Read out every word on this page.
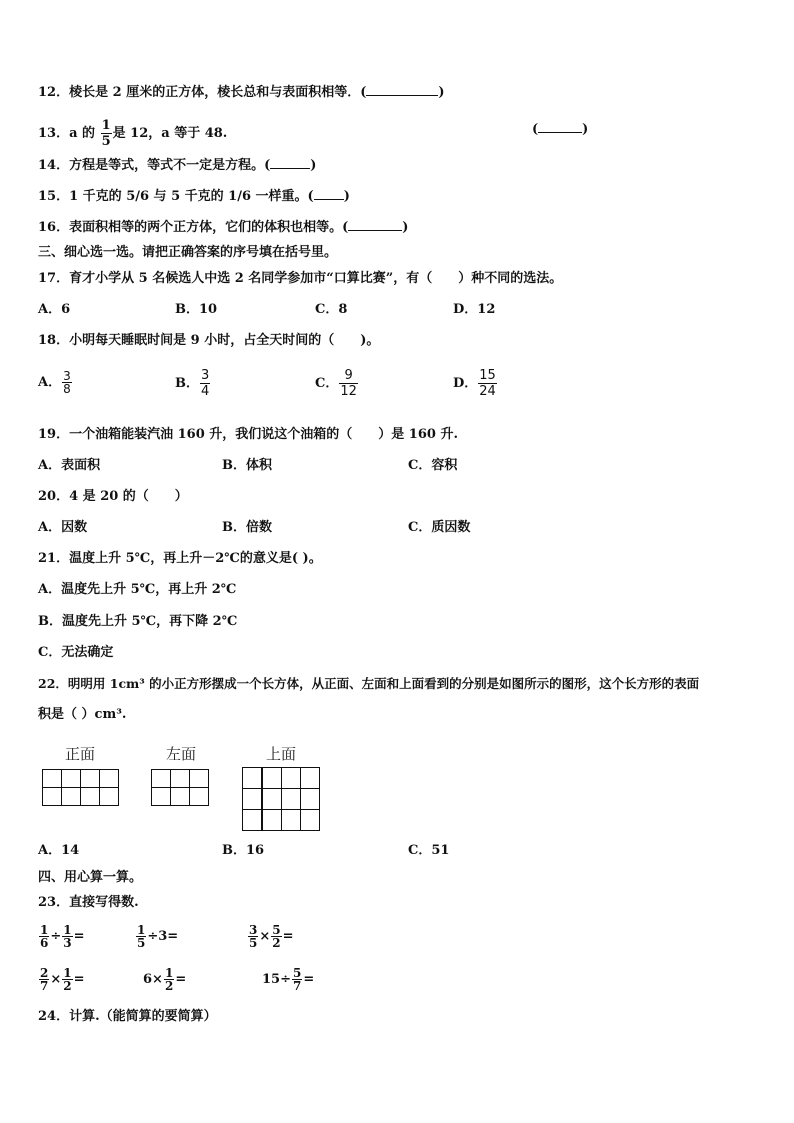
12．棱长是 2 厘米的正方体，棱长总和与表面积相等．(	)
13．a 的 $\frac{1}{5}$ 是 12，a 等于 48.	(	)
14．方程是等式，等式不一定是方程。(	)
15．1 千克的 5/6 与 5 千克的 1/6 一样重。( )
16．表面积相等的两个正方体，它们的体积也相等。(	)
三、细心选一选。请把正确答案的序号填在括号里。
17．育才小学从 5 名候选人中选 2 名同学参加市“口算比赛”，有（　　）种不同的选法。
A．6	B．10	C．8	D．12
18．小明每天睡眠时间是 9 小时，占全天时间的（　　)。
A． $\frac{3}{8}$	B． $\frac{3}{4}$	C． $\frac{9}{12}$	D． $\frac{15}{24}$
19．一个油箱能装汽油 160 升，我们说这个油箱的（　　）是 160 升.
A．表面积	B．体积	C．容积
20．4 是 20 的（　　）
A．因数	B．倍数	C．质因数
21．温度上升 5℃，再上升－2℃的意义是( )。
A．温度先上升 5℃，再上升 2℃
B．温度先上升 5℃，再下降 2℃
C．无法确定
22．明明用 1cm³ 的小正方形摆成一个长方体，从正面、左面和上面看到的分别是如图所示的图形，这个长方形的表面
积是（ ）cm³.
正面	左面	上面

A．14	B．16	C．51
四、用心算一算。
23．直接写得数.
$\frac{1}{6} \div \frac{1}{3}$ =	$\frac{1}{5} \div 3=$	$\frac{3}{5} \times \frac{5}{2}$ =
$\frac{2}{7} \times \frac{1}{2}$ =	$6\times \frac{1}{2}$ =	$15\div \frac{5}{7}$ =
24．计算.（能简算的要简算）
